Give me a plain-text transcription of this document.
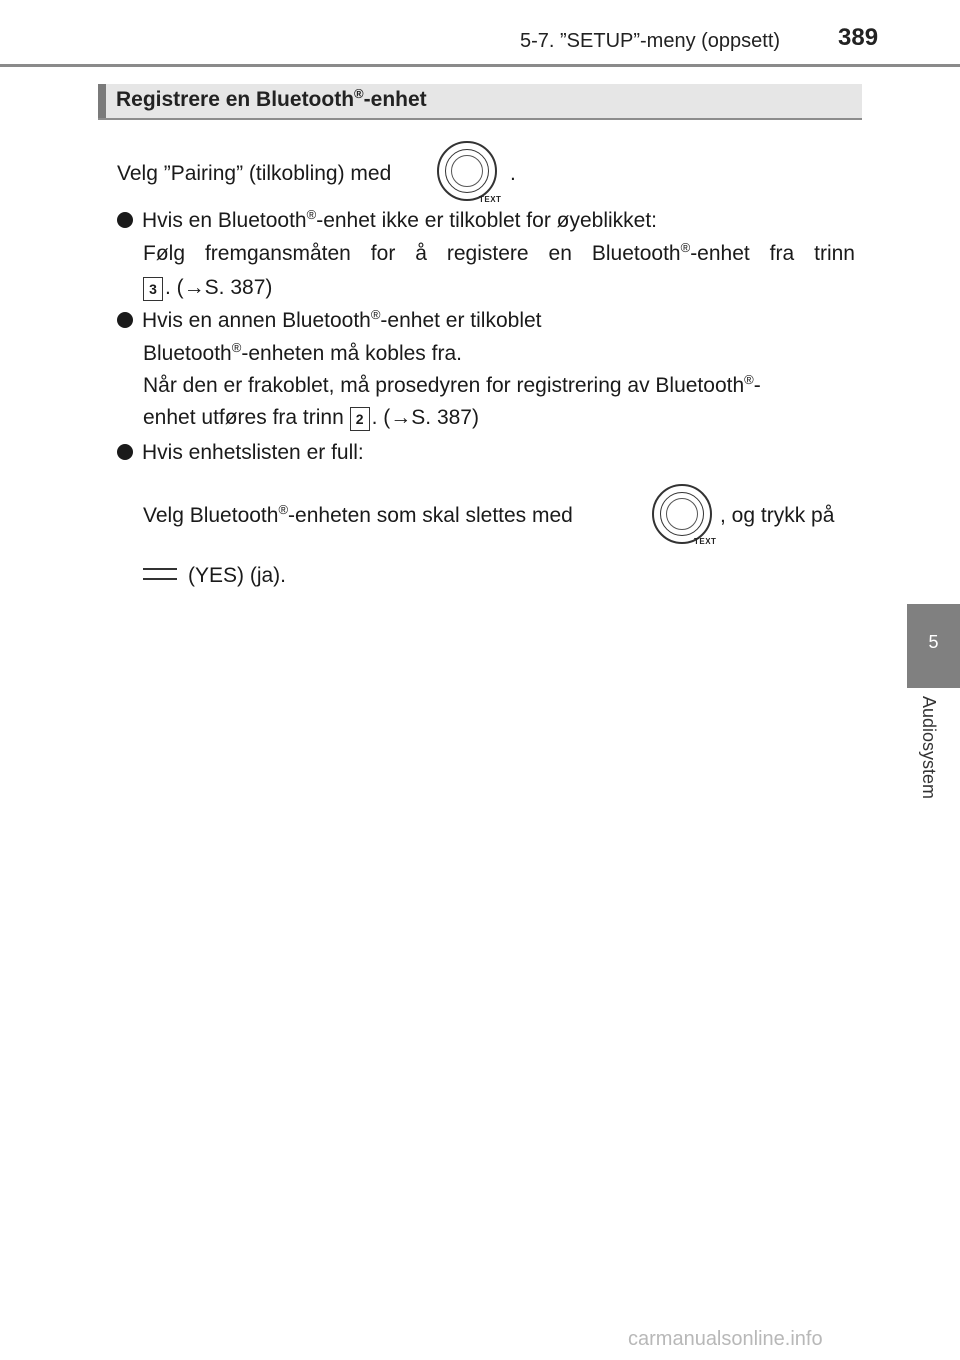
5-7. ”SETUP”-meny (oppsett)	389
Registrere en Bluetooth®-enhet
Velg ”Pairing” (tilkobling) med
TEXT
.
Hvis en Bluetooth®-enhet ikke er tilkoblet for øyeblikket:
Følg fremgansmåten for å registere en Bluetooth®-enhet fra trinn
3 . (→S. 387)
Hvis en annen Bluetooth®-enhet er tilkoblet
Bluetooth®-enheten må kobles fra.
Når den er frakoblet, må prosedyren for registrering av Bluetooth®-
enhet utføres fra trinn 2 . (→S. 387)
Hvis enhetslisten er full:
Velg Bluetooth®-enheten som skal slettes med
TEXT
, og trykk på
(YES) (ja).
5
Audiosystem
carmanualsonline.info
